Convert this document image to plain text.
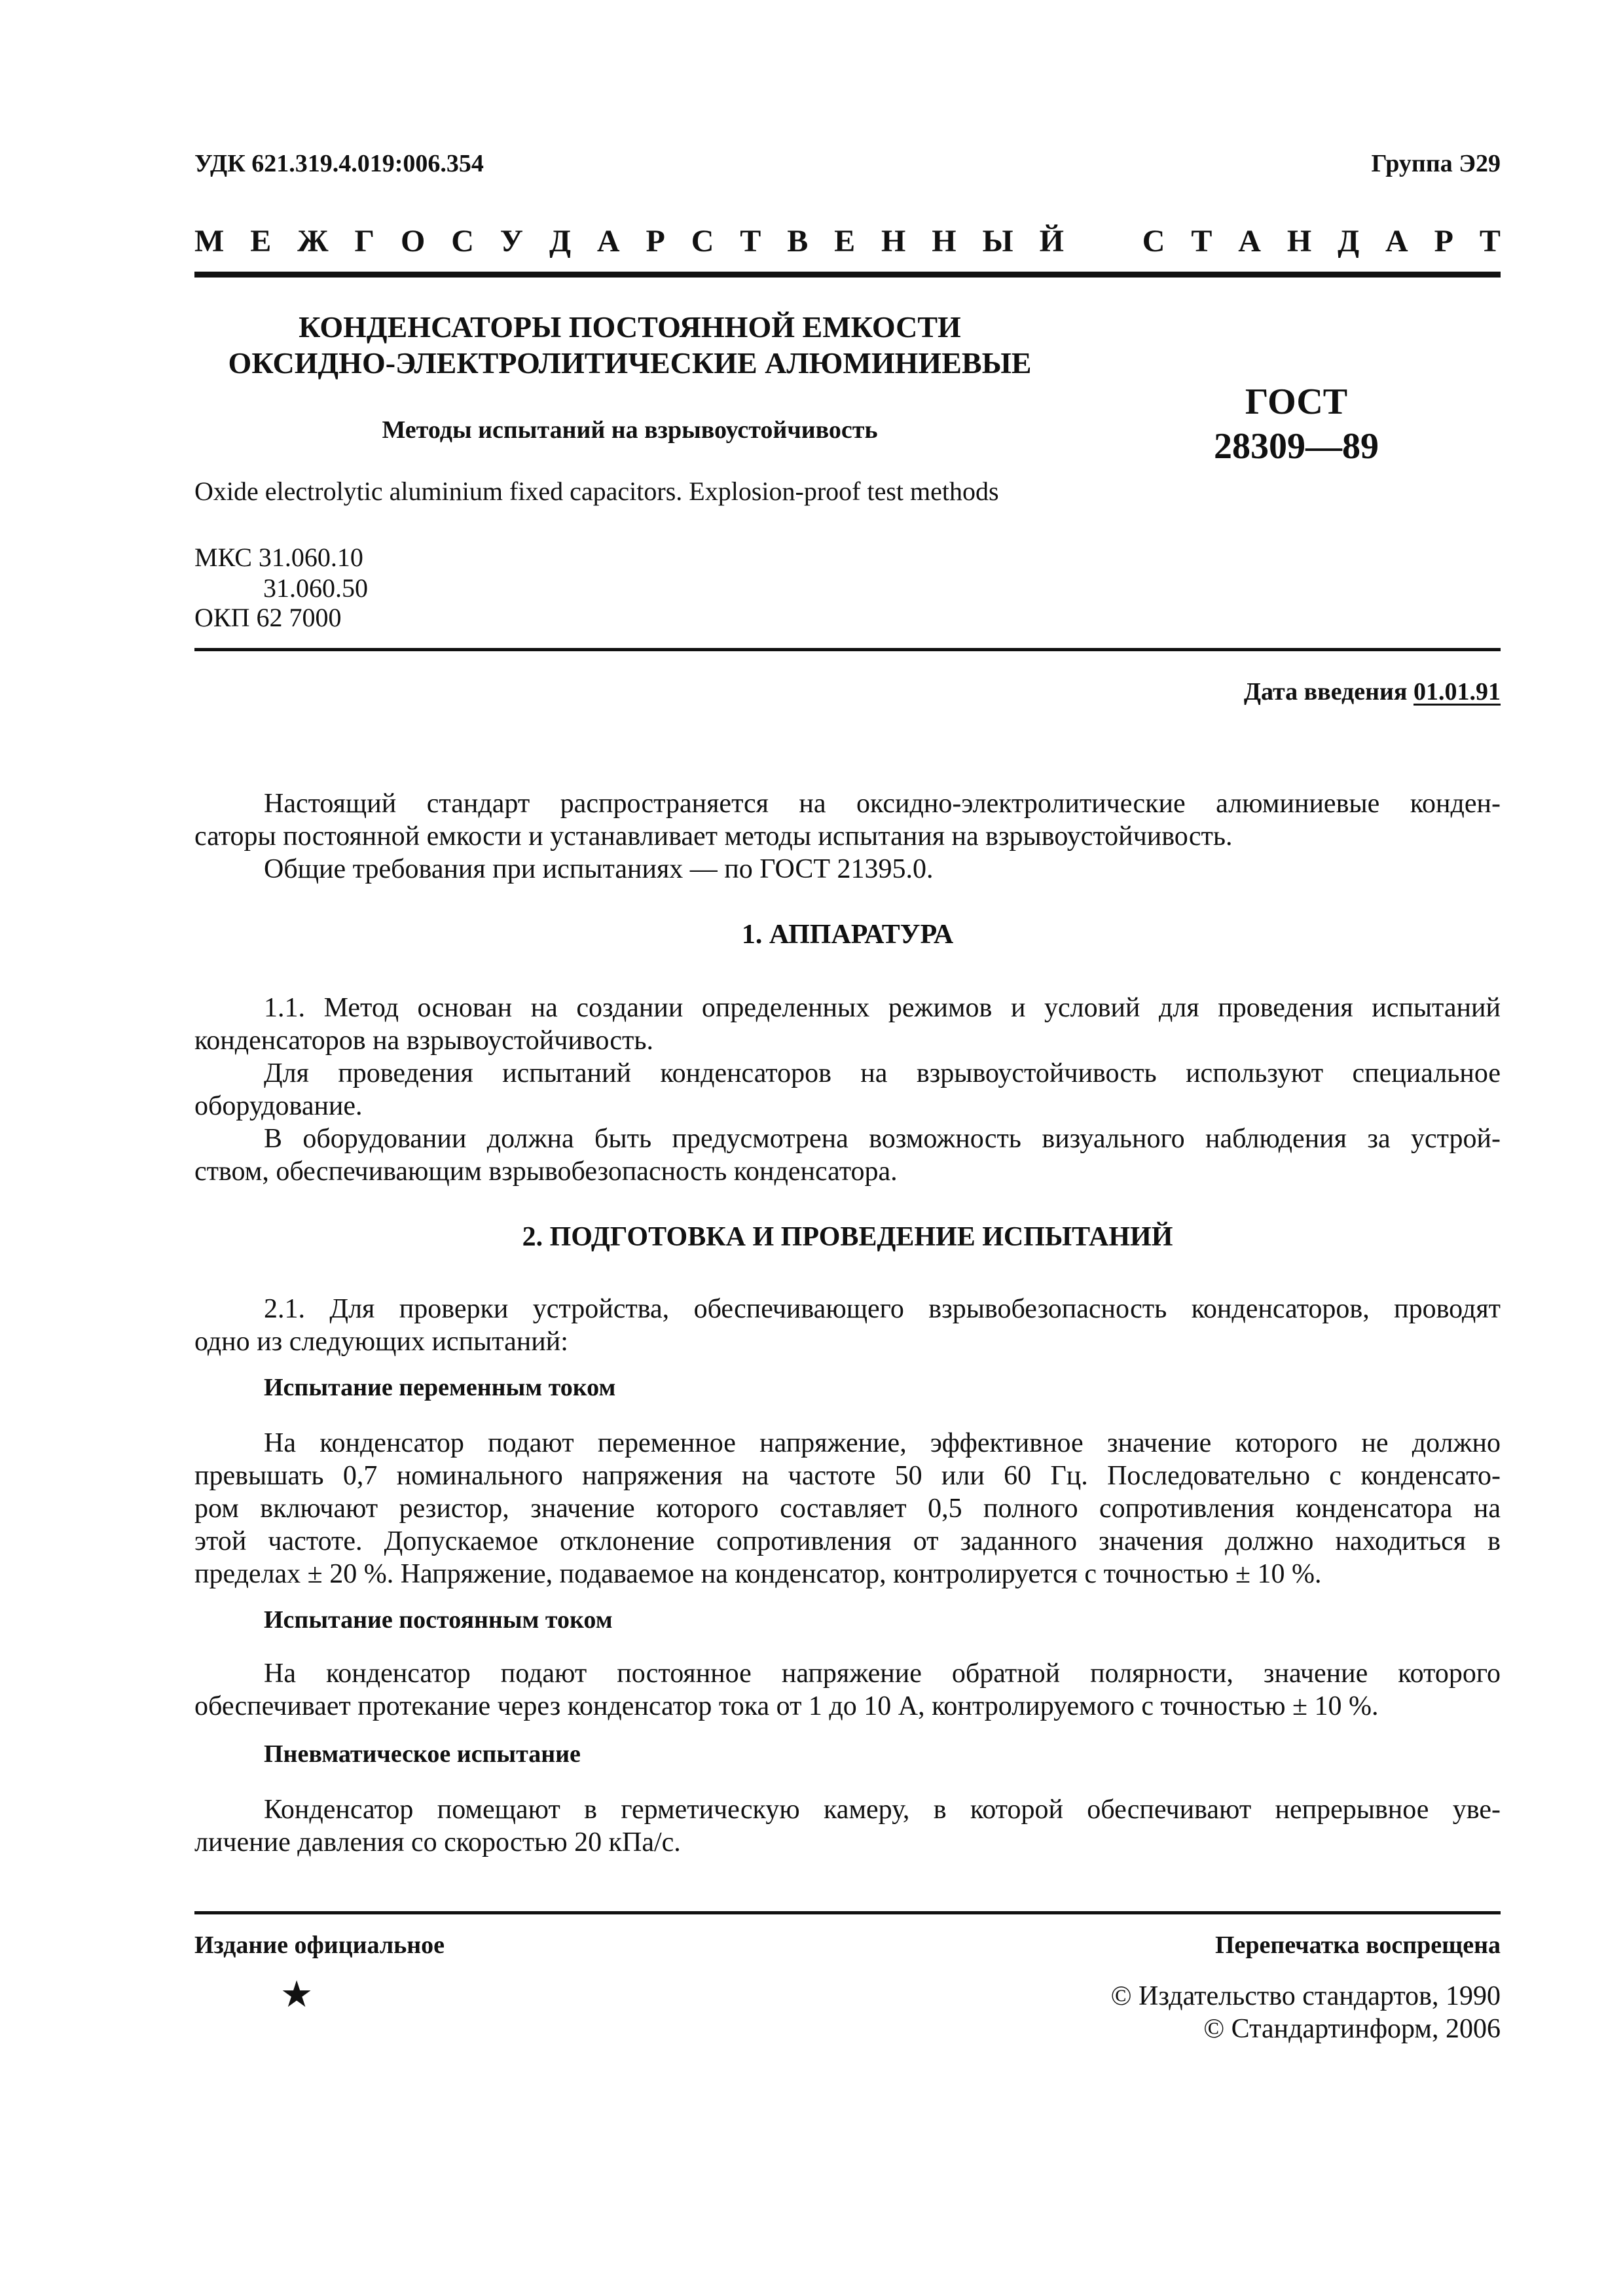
УДК 621.319.4.019:006.354	Группа Э29
М Е Ж Г О С У Д А Р С Т В Е Н Н Ы Й С Т А Н Д А Р Т
КОНДЕНСАТОРЫ ПОСТОЯННОЙ ЕМКОСТИ
ОКСИДНО-ЭЛЕКТРОЛИТИЧЕСКИЕ АЛЮМИНИЕВЫЕ
Методы испытаний на взрывоустойчивость
ГОСТ
28309—89
Oxide electrolytic aluminium fixed capacitors. Explosion-proof test methods
МКС 31.060.10
31.060.50
ОКП 62 7000
Дата введения 01.01.91
Настоящий стандарт распространяется на оксидно-электролитические алюминиевые конден-
саторы постоянной емкости и устанавливает методы испытания на взрывоустойчивость.
Общие требования при испытаниях — по ГОСТ 21395.0.
1. АППАРАТУРА
1.1. Метод основан на создании определенных режимов и условий для проведения испытаний
конденсаторов на взрывоустойчивость.
Для проведения испытаний конденсаторов на взрывоустойчивость используют специальное
оборудование.
В оборудовании должна быть предусмотрена возможность визуального наблюдения за устрой-
ством, обеспечивающим взрывобезопасность конденсатора.
2. ПОДГОТОВКА И ПРОВЕДЕНИЕ ИСПЫТАНИЙ
2.1. Для проверки устройства, обеспечивающего взрывобезопасность конденсаторов, проводят
одно из следующих испытаний:
Испытание переменным током
На конденсатор подают переменное напряжение, эффективное значение которого не должно
превышать 0,7 номинального напряжения на частоте 50 или 60 Гц. Последовательно с конденсато-
ром включают резистор, значение которого составляет 0,5 полного сопротивления конденсатора на
этой частоте. Допускаемое отклонение сопротивления от заданного значения должно находиться в
пределах ± 20 %. Напряжение, подаваемое на конденсатор, контролируется с точностью ± 10 %.
Испытание постоянным током
На конденсатор подают постоянное напряжение обратной полярности, значение которого
обеспечивает протекание через конденсатор тока от 1 до 10 А, контролируемого с точностью ± 10 %.
Пневматическое испытание
Конденсатор помещают в герметическую камеру, в которой обеспечивают непрерывное уве-
личение давления со скоростью 20 кПа/с.
Издание официальное	Перепечатка воспрещена
★	© Издательство стандартов, 1990
© Стандартинформ, 2006
